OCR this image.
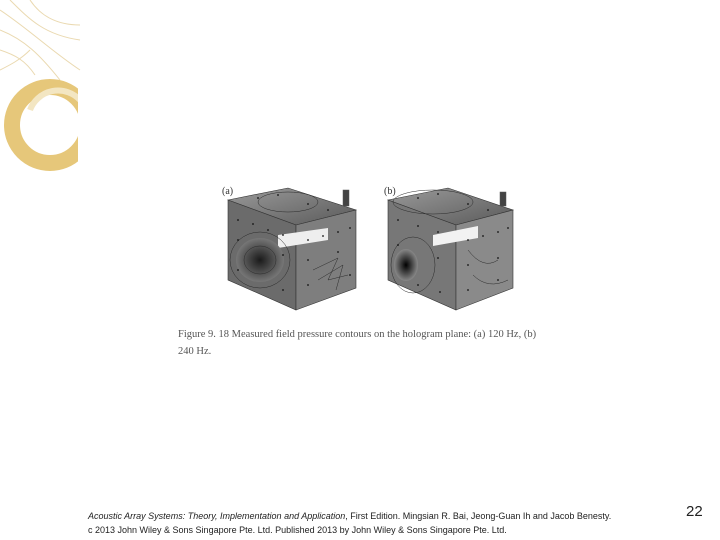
(a)	(b)
Figure 9. 18 Measured field pressure contours on the hologram plane: (a) 120 Hz, (b)
240 Hz.
Acoustic Array Systems: Theory, Implementation and Application, First Edition. Mingsian R. Bai, Jeong-Guan Ih and Jacob Benesty.
c 2013 John Wiley & Sons Singapore Pte. Ltd. Published 2013 by John Wiley & Sons Singapore Pte. Ltd.
22
